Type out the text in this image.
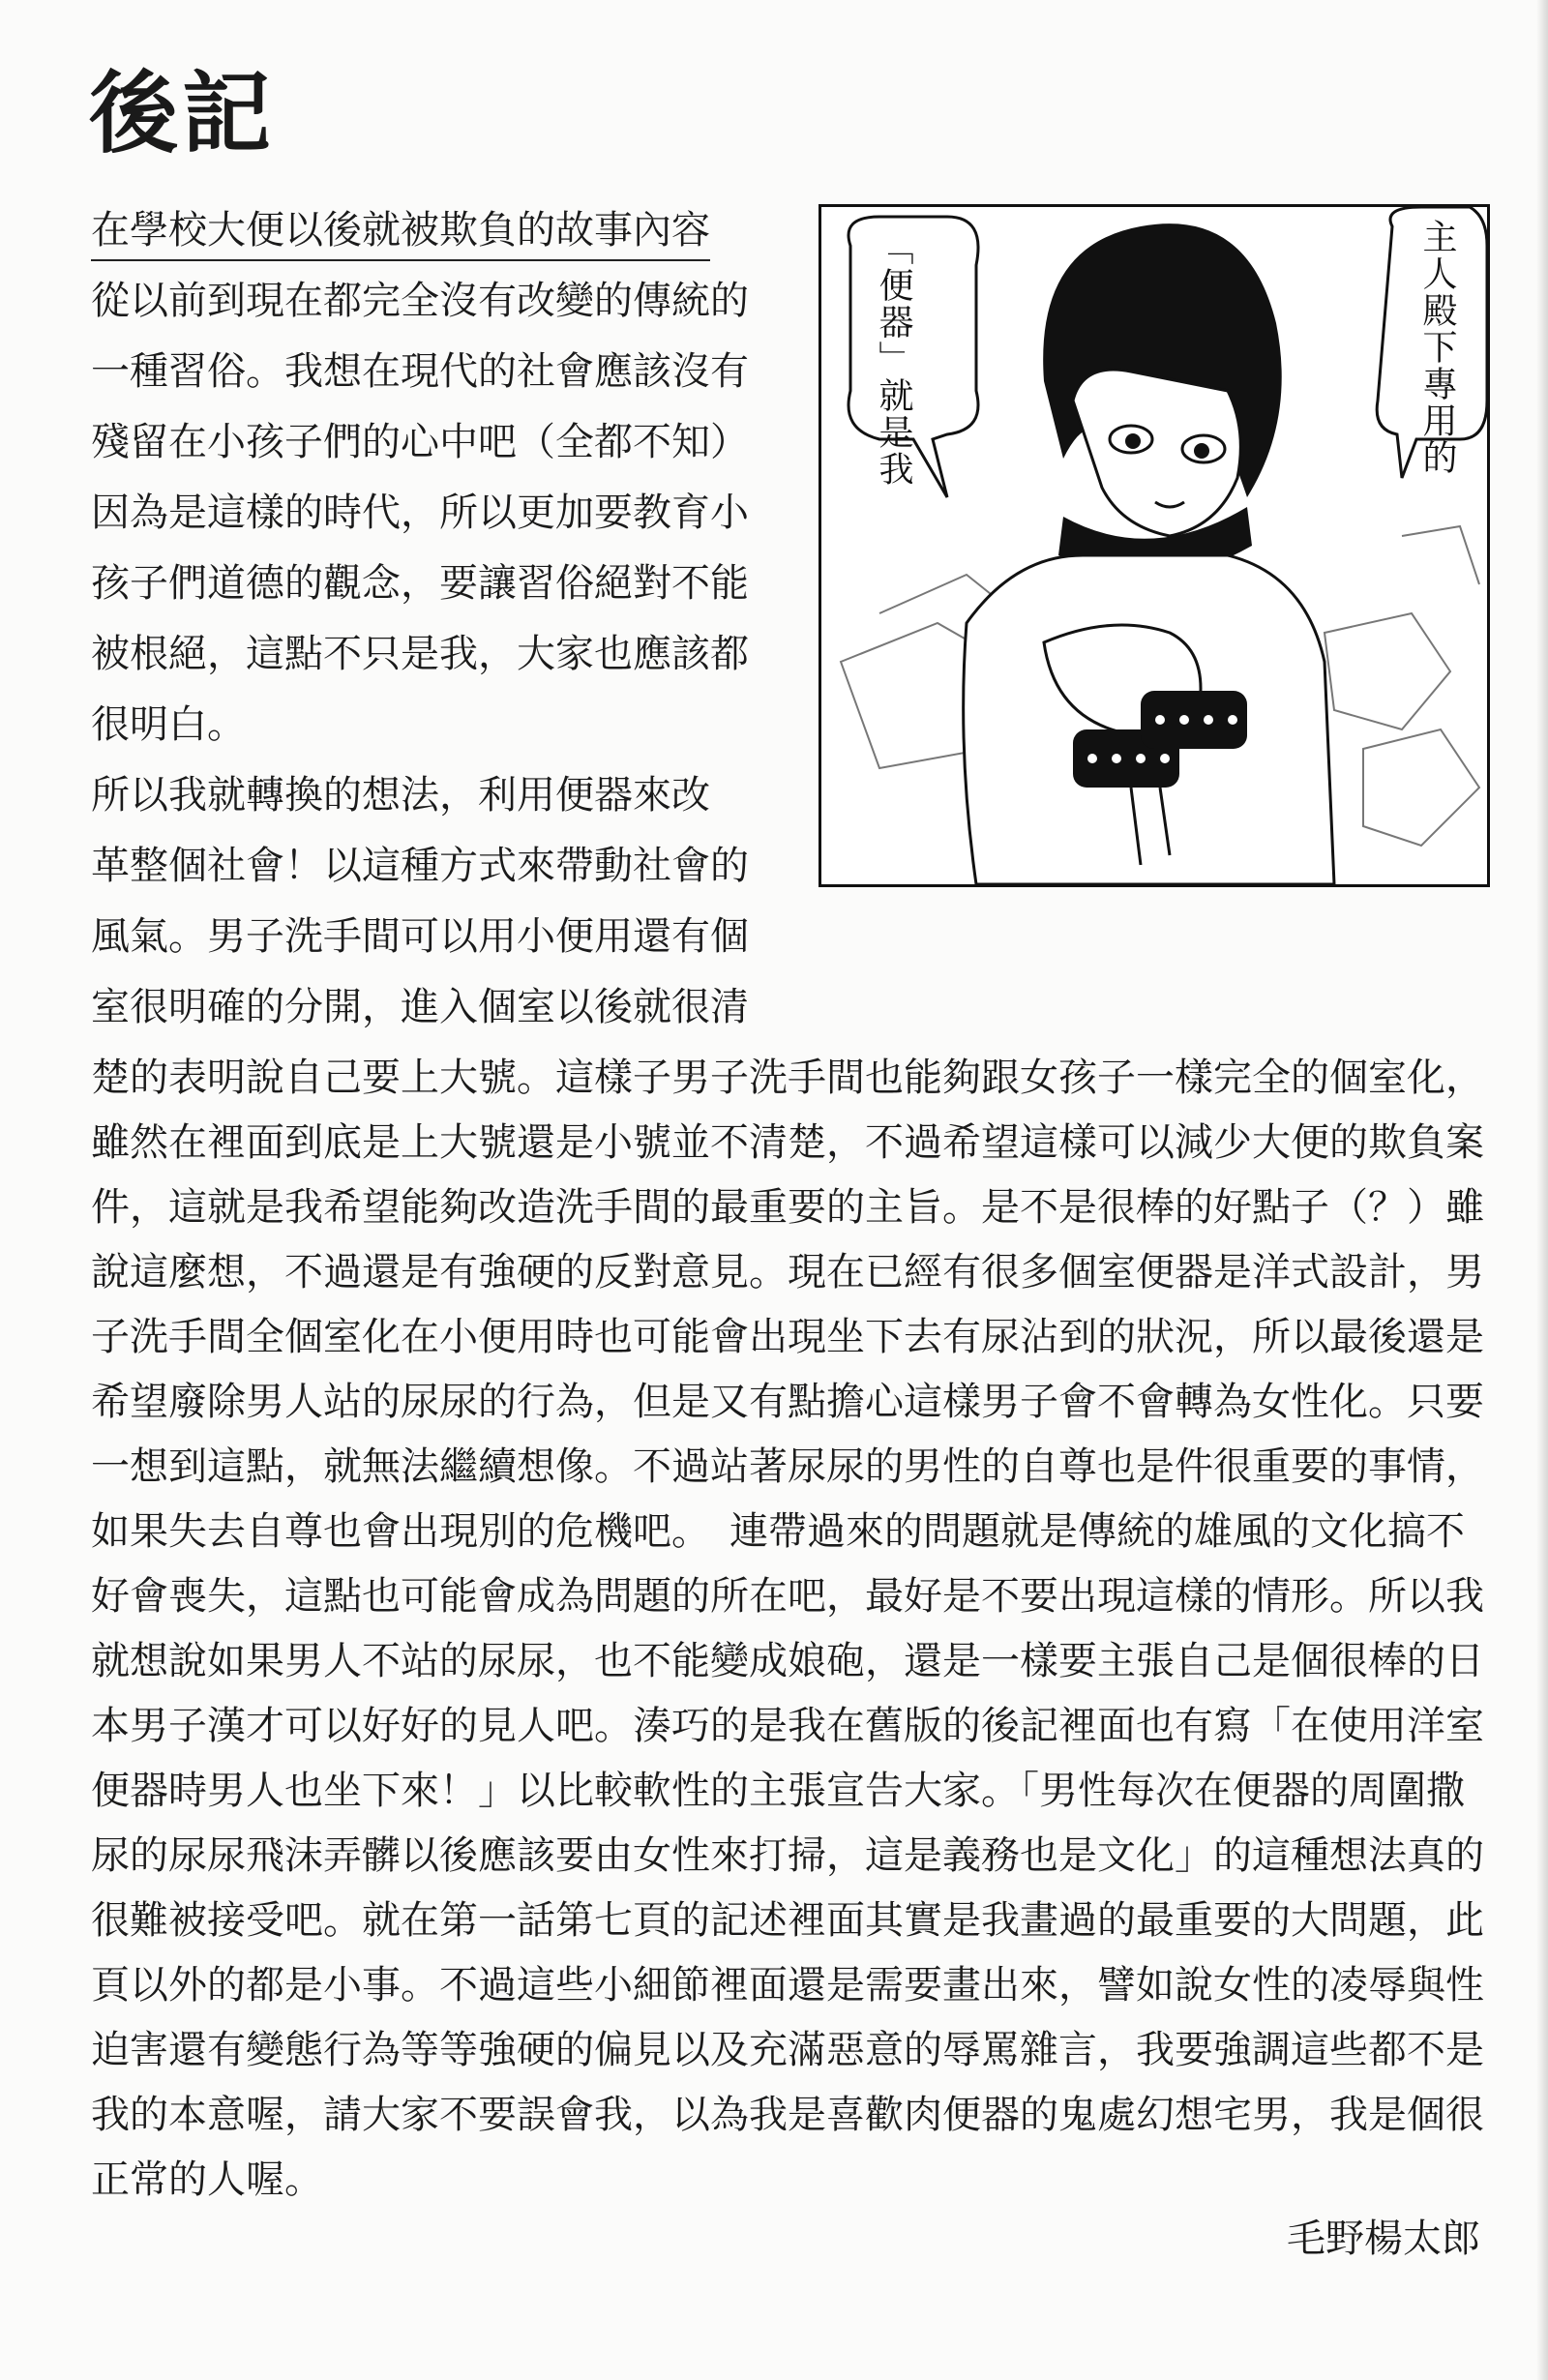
後記
在學校大便以後就被欺負的故事內容
從以前到現在都完全沒有改變的傳統的
一種習俗。我想在現代的社會應該沒有
殘留在小孩子們的心中吧（全都不知）
因為是這樣的時代，所以更加要教育小
孩子們道德的觀念，要讓習俗絕對不能
被根絕，這點不只是我，大家也應該都
很明白。
所以我就轉換的想法，利用便器來改
革整個社會！以這種方式來帶動社會的
風氣。男子洗手間可以用小便用還有個
室很明確的分開，進入個室以後就很清
楚的表明說自己要上大號。這樣子男子洗手間也能夠跟女孩子一樣完全的個室化，
雖然在裡面到底是上大號還是小號並不清楚，不過希望這樣可以減少大便的欺負案
件，這就是我希望能夠改造洗手間的最重要的主旨。是不是很棒的好點子（？）雖
說這麼想，不過還是有強硬的反對意見。現在已經有很多個室便器是洋式設計，男
子洗手間全個室化在小便用時也可能會出現坐下去有尿沾到的狀況，所以最後還是
希望廢除男人站的尿尿的行為，但是又有點擔心這樣男子會不會轉為女性化。只要
一想到這點，就無法繼續想像。不過站著尿尿的男性的自尊也是件很重要的事情，
如果失去自尊也會出現別的危機吧。　連帶過來的問題就是傳統的雄風的文化搞不
好會喪失，這點也可能會成為問題的所在吧，最好是不要出現這樣的情形。所以我
就想說如果男人不站的尿尿，也不能變成娘砲，還是一樣要主張自己是個很棒的日
本男子漢才可以好好的見人吧。湊巧的是我在舊版的後記裡面也有寫「在使用洋室
便器時男人也坐下來！」以比較軟性的主張宣告大家。「男性每次在便器的周圍撒
尿的尿尿飛沫弄髒以後應該要由女性來打掃，這是義務也是文化」的這種想法真的
很難被接受吧。就在第一話第七頁的記述裡面其實是我畫過的最重要的大問題，此
頁以外的都是小事。不過這些小細節裡面還是需要畫出來，譬如說女性的凌辱與性
迫害還有變態行為等等強硬的偏見以及充滿惡意的辱罵雜言，我要強調這些都不是
我的本意喔，請大家不要誤會我，以為我是喜歡肉便器的鬼處幻想宅男，我是個很
正常的人喔。
毛野楊太郎
「便器」就是我	主人殿下專用的
